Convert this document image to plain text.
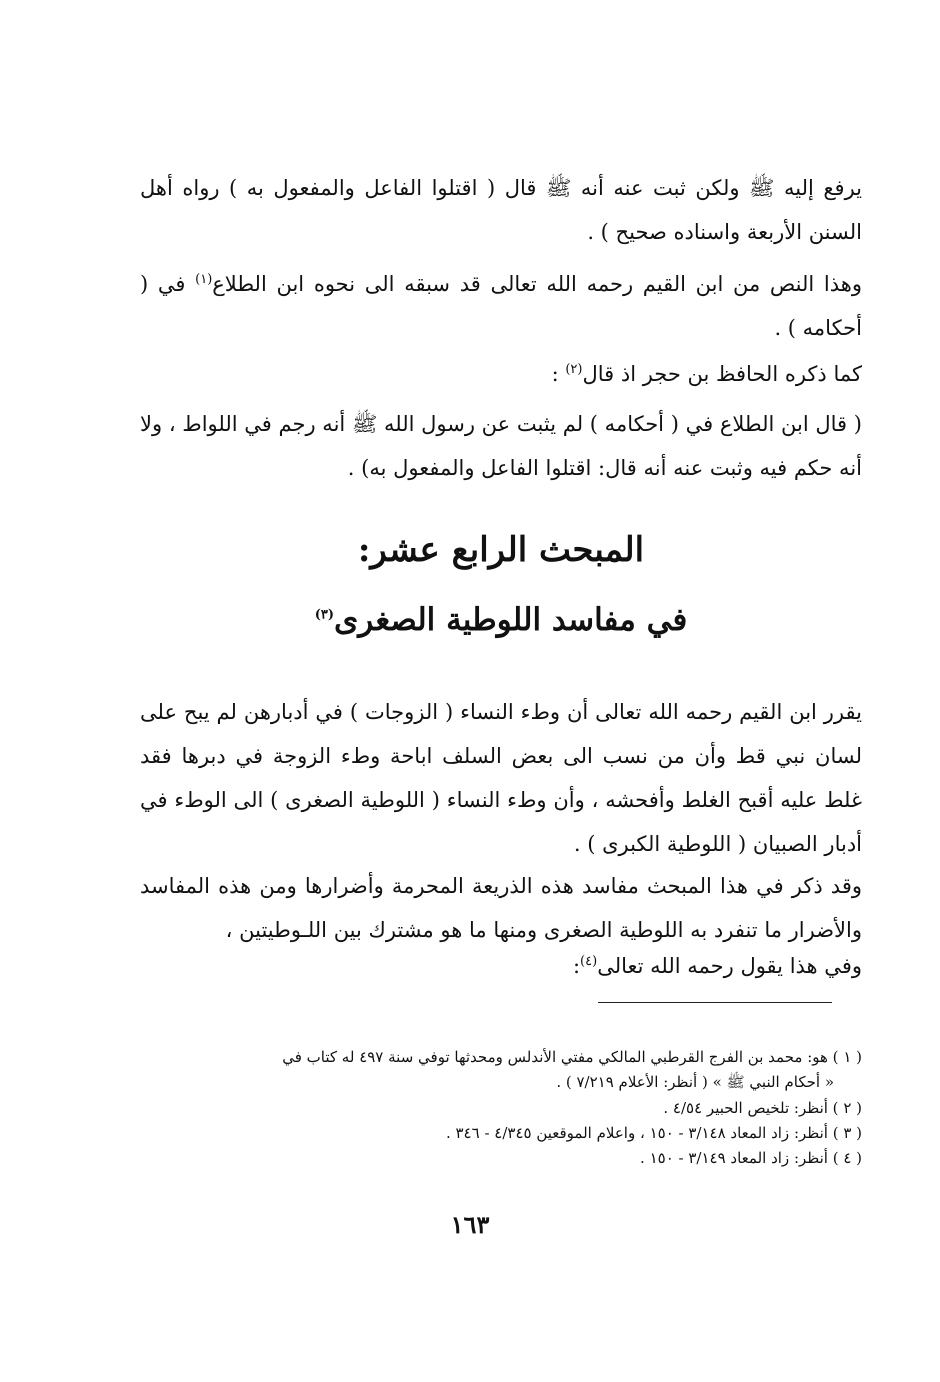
يرفع إليه ﷺ ولكن ثبت عنه أنه ﷺ قال ( اقتلوا الفاعل والمفعول به ) رواه أهل السنن الأربعة واسناده صحيح ) .

وهذا النص من ابن القيم رحمه الله تعالى قد سبقه الى نحوه ابن الطلاع$^{(١)}$ في ( أحكامه ) .

كما ذكره الحافظ بن حجر اذ قال$^{(٢)}$ :

( قال ابن الطلاع في ( أحكامه ) لم يثبت عن رسول الله ﷺ أنه رجم في اللواط ، ولا أنه حكم فيه وثبت عنه أنه قال: اقتلوا الفاعل والمفعول به) .

المبحث الرابع عشر:
في مفاسد اللوطية الصغرى$^{(٣)}$

يقرر ابن القيم رحمه الله تعالى أن وطء النساء ( الزوجات ) في أدبارهن لم يبح على لسان نبي قط وأن من نسب الى بعض السلف اباحة وطء الزوجة في دبرها فقد غلط عليه أقبح الغلط وأفحشه ، وأن وطء النساء ( اللوطية الصغرى ) الى الوطء في أدبار الصبيان ( اللوطية الكبرى ) .

وقد ذكر في هذا المبحث مفاسد هذه الذريعة المحرمة وأضرارها ومن هذه المفاسد والأضرار ما تنفرد به اللوطية الصغرى ومنها ما هو مشترك بين اللـوطيتين ،

وفي هذا يقول رحمه الله تعالى$^{(٤)}$:

( ١ ) هو: محمد بن الفرج القرطبي المالكي مفتي الأندلس ومحدثها توفي سنة ٤٩٧ له كتاب في

« أحكام النبي ﷺ » ( أنظر: الأعلام ٧/٢١٩ ) .

( ٢ ) أنظر: تلخيص الحبير ٤/٥٤ .

( ٣ ) أنظر: زاد المعاد ٣/١٤٨ - ١٥٠ ، واعلام الموقعين ٤/٣٤٥ - ٣٤٦ .

( ٤ ) أنظر: زاد المعاد ٣/١٤٩ - ١٥٠ .

١٦٣
